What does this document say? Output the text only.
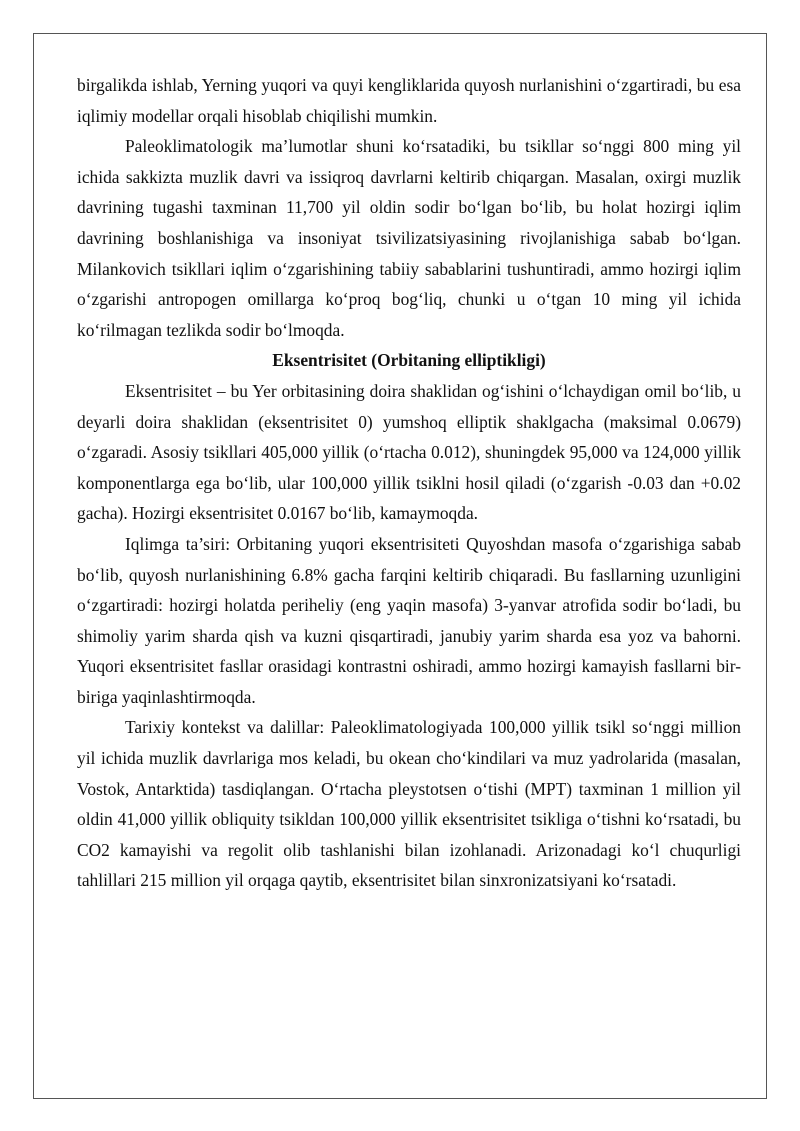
birgalikda ishlab, Yerning yuqori va quyi kengliklarida quyosh nurlanishini o‘zgartiradi, bu esa iqlimiy modellar orqali hisoblab chiqilishi mumkin.

Paleoklimatologik ma’lumotlar shuni ko‘rsatadiki, bu tsikllar so‘nggi 800 ming yil ichida sakkizta muzlik davri va issiqroq davrlarni keltirib chiqargan. Masalan, oxirgi muzlik davrining tugashi taxminan 11,700 yil oldin sodir bo‘lgan bo‘lib, bu holat hozirgi iqlim davrining boshlanishiga va insoniyat tsivilizatsiyasining rivojlanishiga sabab bo‘lgan. Milankovich tsikllari iqlim o‘zgarishining tabiiy sabablarini tushuntiradi, ammo hozirgi iqlim o‘zgarishi antropogen omillarga ko‘proq bog‘liq, chunki u o‘tgan 10 ming yil ichida ko‘rilmagan tezlikda sodir bo‘lmoqda.

Eksentrisitet (Orbitaning elliptikligi)

Eksentrisitet – bu Yer orbitasining doira shaklidan og‘ishini o‘lchaydigan omil bo‘lib, u deyarli doira shaklidan (eksentrisitet 0) yumshoq elliptik shaklgacha (maksimal 0.0679) o‘zgaradi. Asosiy tsikllari 405,000 yillik (o‘rtacha 0.012), shuningdek 95,000 va 124,000 yillik komponentlarga ega bo‘lib, ular 100,000 yillik tsiklni hosil qiladi (o‘zgarish -0.03 dan +0.02 gacha). Hozirgi eksentrisitet 0.0167 bo‘lib, kamaymoqda.

Iqlimga ta’siri: Orbitaning yuqori eksentrisiteti Quyoshdan masofa o‘zgarishiga sabab bo‘lib, quyosh nurlanishining 6.8% gacha farqini keltirib chiqaradi. Bu fasllarning uzunligini o‘zgartiradi: hozirgi holatda periheliy (eng yaqin masofa) 3-yanvar atrofida sodir bo‘ladi, bu shimoliy yarim sharda qish va kuzni qisqartiradi, janubiy yarim sharda esa yoz va bahorni. Yuqori eksentrisitet fasllar orasidagi kontrastni oshiradi, ammo hozirgi kamayish fasllarni bir-biriga yaqinlashtirmoqda.

Tarixiy kontekst va dalillar: Paleoklimatologiyada 100,000 yillik tsikl so‘nggi million yil ichida muzlik davrlariga mos keladi, bu okean cho‘kindilari va muz yadrolarida (masalan, Vostok, Antarktida) tasdiqlangan. O‘rtacha pleystotsen o‘tishi (MPT) taxminan 1 million yil oldin 41,000 yillik obliquity tsikldan 100,000 yillik eksentrisitet tsikliga o‘tishni ko‘rsatadi, bu CO2 kamayishi va regolit olib tashlanishi bilan izohlanadi. Arizonadagi ko‘l chuqurligi tahlillari 215 million yil orqaga qaytib, eksentrisitet bilan sinxronizatsiyani ko‘rsatadi.
